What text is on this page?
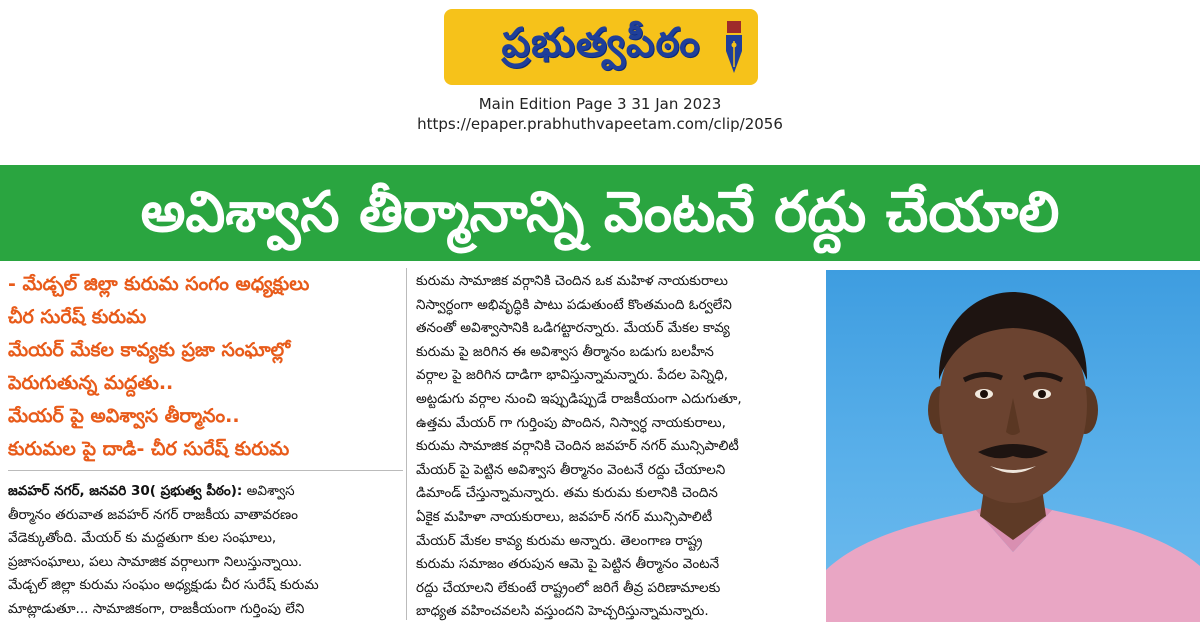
ప్రభుత్వపీఠం
Main Edition Page 3 31 Jan 2023
https://epaper.prabhuthvapeetam.com/clip/2056
అవిశ్వాస తీర్మానాన్ని వెంటనే రద్దు చేయాలి
- మేడ్చల్ జిల్లా కురుమ సంగం అధ్యక్షులు
చీర సురేష్ కురుమ
మేయర్ మేకల కావ్యకు ప్రజా సంఘాల్లో
పెరుగుతున్న మద్దతు..
మేయర్ పై అవిశ్వాస తీర్మానం..
కురుమల పై దాడి- చీర సురేష్ కురుమ
జవహర్ నగర్, జనవరి 30( ప్రభుత్వ పీఠం): అవిశ్వాస
తీర్మానం తరువాత జవహర్ నగర్ రాజకీయ వాతావరణం
వేడెక్కుతోంది. మేయర్ కు మద్దతుగా కుల సంఘాలు,
ప్రజాసంఘాలు, పలు సామాజిక వర్గాలుగా నిలుస్తున్నాయి.
మేడ్చల్ జిల్లా కురుమ సంఘం అధ్యక్షుడు చీర సురేష్ కురుమ
మాట్లాడుతూ... సామాజికంగా, రాజకీయంగా గుర్తింపు లేని
కురుమ సామాజిక వర్గానికి చెందిన ఒక మహిళ నాయకురాలు
నిస్వార్ధంగా అభివృద్ధికి పాటు పడుతుంటే కొంతమంది ఓర్వలేని
తనంతో అవిశ్వాసానికి ఒడిగట్టారన్నారు. మేయర్ మేకల కావ్య
కురుమ పై జరిగిన ఈ అవిశ్వాస తీర్మానం బడుగు బలహీన
వర్గాల పై జరిగిన దాడిగా భావిస్తున్నామన్నారు. పేదల పెన్నిధి,
అట్టడుగు వర్గాల నుంచి ఇప్పుడిప్పుడే రాజకీయంగా ఎదుగుతూ,
ఉత్తమ మేయర్ గా గుర్తింపు పొందిన, నిస్వార్ధ నాయకురాలు,
కురుమ సామాజిక వర్గానికి చెందిన జవహర్ నగర్ మున్సిపాలిటీ
మేయర్ పై పెట్టిన అవిశ్వాస తీర్మానం వెంటనే రద్దు చేయాలని
డిమాండ్ చేస్తున్నామన్నారు. తమ కురుమ కులానికి చెందిన
ఏకైక మహిళా నాయకురాలు, జవహర్ నగర్ మున్సిపాలిటీ
మేయర్ మేకల కావ్య కురుమ అన్నారు. తెలంగాణ రాష్ట్ర
కురుమ సమాజం తరుపున ఆమె పై పెట్టిన తీర్మానం వెంటనే
రద్దు చేయాలని లేకుంటే రాష్ట్రంలో జరిగే తీవ్ర పరిణామాలకు
బాధ్యత వహించవలసి వస్తుందని హెచ్చరిస్తున్నామన్నారు.
